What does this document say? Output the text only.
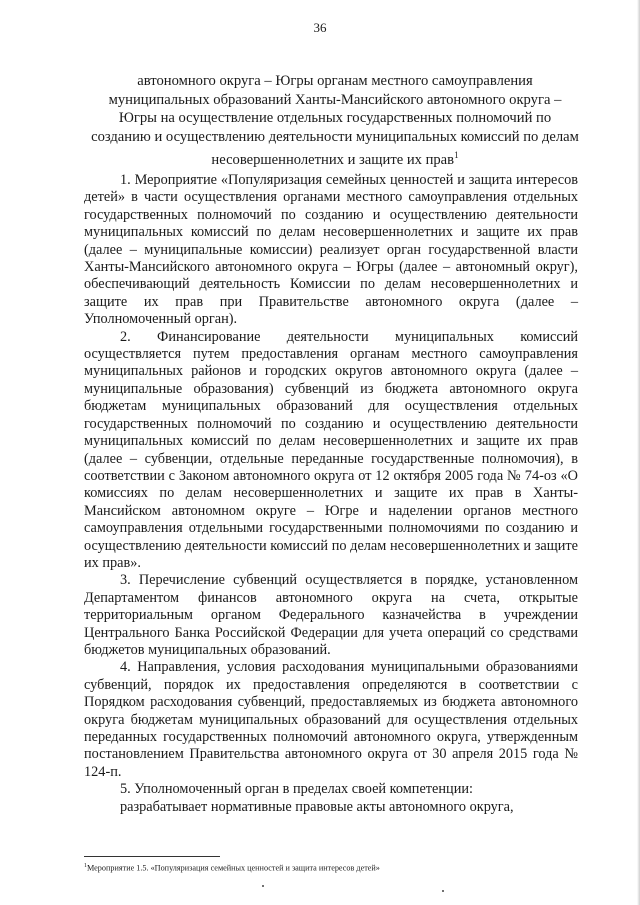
36
автономного округа – Югры органам местного самоуправления муниципальных образований Ханты-Мансийского автономного округа – Югры на осуществление отдельных государственных полномочий по созданию и осуществлению деятельности муниципальных комиссий по делам несовершеннолетних и защите их прав$^1$

1. Мероприятие «Популяризация семейных ценностей и защита интересов детей» в части осуществления органами местного самоуправления отдельных государственных полномочий по созданию и осуществлению деятельности муниципальных комиссий по делам несовершеннолетних и защите их прав (далее – муниципальные комиссии) реализует орган государственной власти Ханты-Мансийского автономного округа – Югры (далее – автономный округ), обеспечивающий деятельность Комиссии по делам несовершеннолетних и защите их прав при Правительстве автономного округа (далее – Уполномоченный орган).

2. Финансирование деятельности муниципальных комиссий осуществляется путем предоставления органам местного самоуправления муниципальных районов и городских округов автономного округа (далее – муниципальные образования) субвенций из бюджета автономного округа бюджетам муниципальных образований для осуществления отдельных государственных полномочий по созданию и осуществлению деятельности муниципальных комиссий по делам несовершеннолетних и защите их прав (далее – субвенции, отдельные переданные государственные полномочия), в соответствии с Законом автономного округа от 12 октября 2005 года № 74-оз «О комиссиях по делам несовершеннолетних и защите их прав в Ханты-Мансийском автономном округе – Югре и наделении органов местного самоуправления отдельными государственными полномочиями по созданию и осуществлению деятельности комиссий по делам несовершеннолетних и защите их прав».

3. Перечисление субвенций осуществляется в порядке, установленном Департаментом финансов автономного округа на счета, открытые территориальным органом Федерального казначейства в учреждении Центрального Банка Российской Федерации для учета операций со средствами бюджетов муниципальных образований.

4. Направления, условия расходования муниципальными образованиями субвенций, порядок их предоставления определяются в соответствии с Порядком расходования субвенций, предоставляемых из бюджета автономного округа бюджетам муниципальных образований для осуществления отдельных переданных государственных полномочий автономного округа, утвержденным постановлением Правительства автономного округа от 30 апреля 2015 года № 124-п.

5. Уполномоченный орган в пределах своей компетенции:

разрабатывает нормативные правовые акты автономного округа,

$^1$Мероприятие 1.5. «Популяризация семейных ценностей и защита интересов детей»
